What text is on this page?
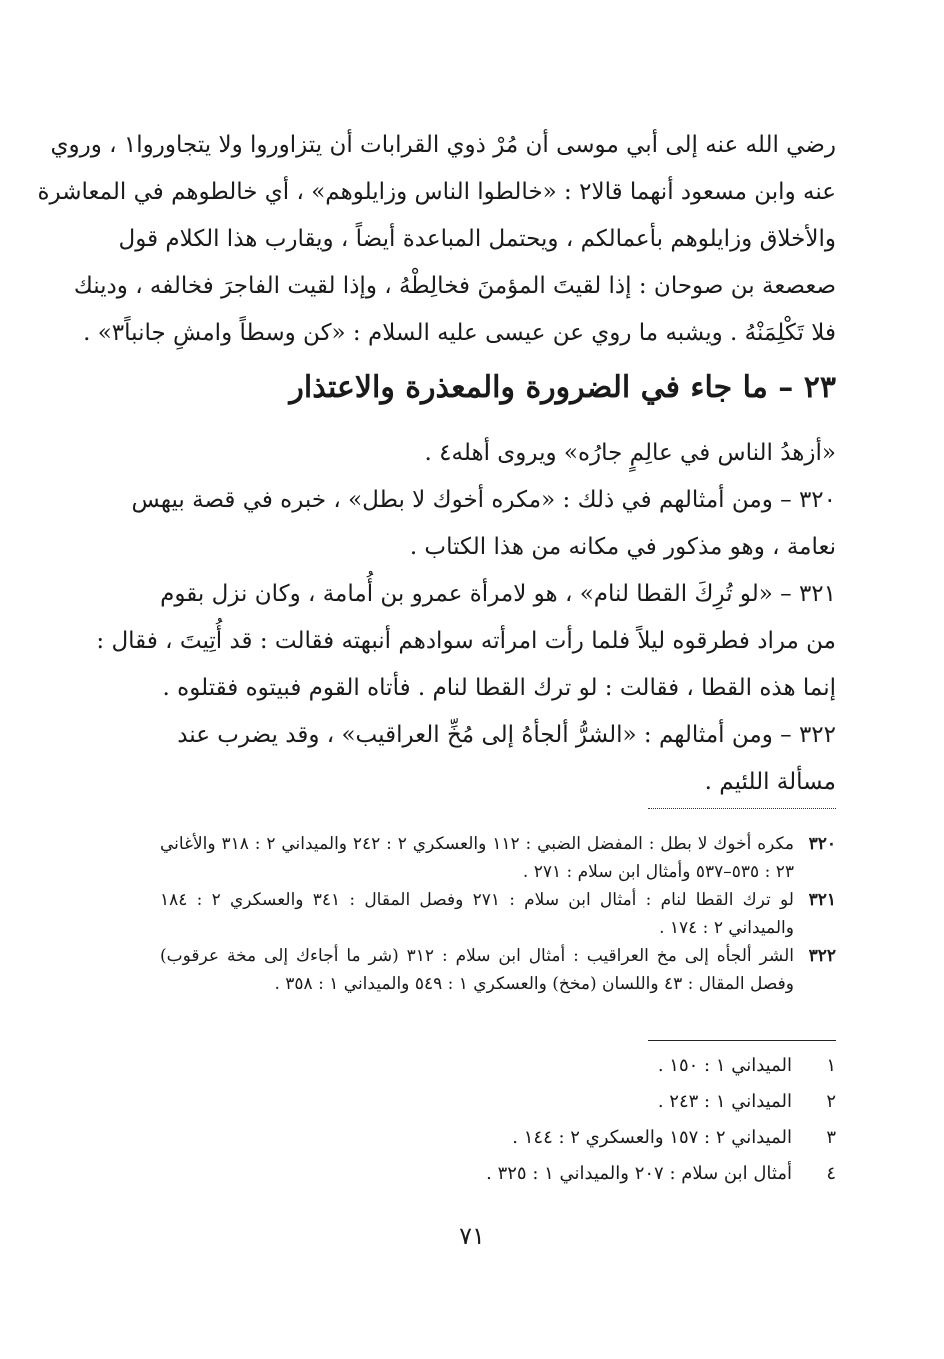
رضي الله عنه إلى أبي موسى أن مُرْ ذوي القرابات أن يتزاوروا ولا يتجاوروا١ ، وروي
عنه وابن مسعود أنهما قالا٢ : «خالطوا الناس وزايلوهم» ، أي خالطوهم في المعاشرة
والأخلاق وزايلوهم بأعمالكم ، ويحتمل المباعدة أيضاً ، ويقارب هذا الكلام قول
صعصعة بن صوحان : إذا لقيتَ المؤمنَ فخالِطْهُ ، وإذا لقيت الفاجرَ فخالفه ، ودينك
فلا تَكْلِمَنْهُ . ويشبه ما روي عن عيسى عليه السلام : «كن وسطاً وامشِ جانباً٣» .
٢٣ – ما جاء في الضرورة والمعذرة والاعتذار
«أزهدُ الناس في عالِمٍ جارُه» ويروى أهله٤ .
٣٢٠ – ومن أمثالهم في ذلك : «مكره أخوك لا بطل» ، خبره في قصة بيهس
نعامة ، وهو مذكور في مكانه من هذا الكتاب .
٣٢١ – «لو تُرِكَ القطا لنام» ، هو لامرأة عمرو بن أُمامة ، وكان نزل بقوم
من مراد فطرقوه ليلاً فلما رأت امرأته سوادهم أنبهته فقالت : قد أُتِيتَ ، فقال :
إنما هذه القطا ، فقالت : لو ترك القطا لنام . فأتاه القوم فبيتوه فقتلوه .
٣٢٢ – ومن أمثالهم : «الشرُّ ألجأهُ إلى مُخِّ العراقيب» ، وقد يضرب عند
مسألة اللئيم .
٣٢٠
مكره أخوك لا بطل : المفضل الضبي : ١١٢ والعسكري ٢ : ٢٤٢ والميداني ٢ : ٣١٨ والأغاني ٢٣ : ٥٣٥–٥٣٧ وأمثال ابن سلام : ٢٧١ .
٣٢١
لو ترك القطا لنام : أمثال ابن سلام : ٢٧١ وفصل المقال : ٣٤١ والعسكري ٢ : ١٨٤ والميداني ٢ : ١٧٤ .
٣٢٢
الشر ألجأه إلى مخ العراقيب : أمثال ابن سلام : ٣١٢ (شر ما أجاءك إلى مخة عرقوب) وفصل المقال : ٤٣ واللسان (مخخ) والعسكري ١ : ٥٤٩ والميداني ١ : ٣٥٨ .
١
الميداني ١ : ١٥٠ .
٢
الميداني ١ : ٢٤٣ .
٣
الميداني ٢ : ١٥٧ والعسكري ٢ : ١٤٤ .
٤
أمثال ابن سلام : ٢٠٧ والميداني ١ : ٣٢٥ .
٧١
